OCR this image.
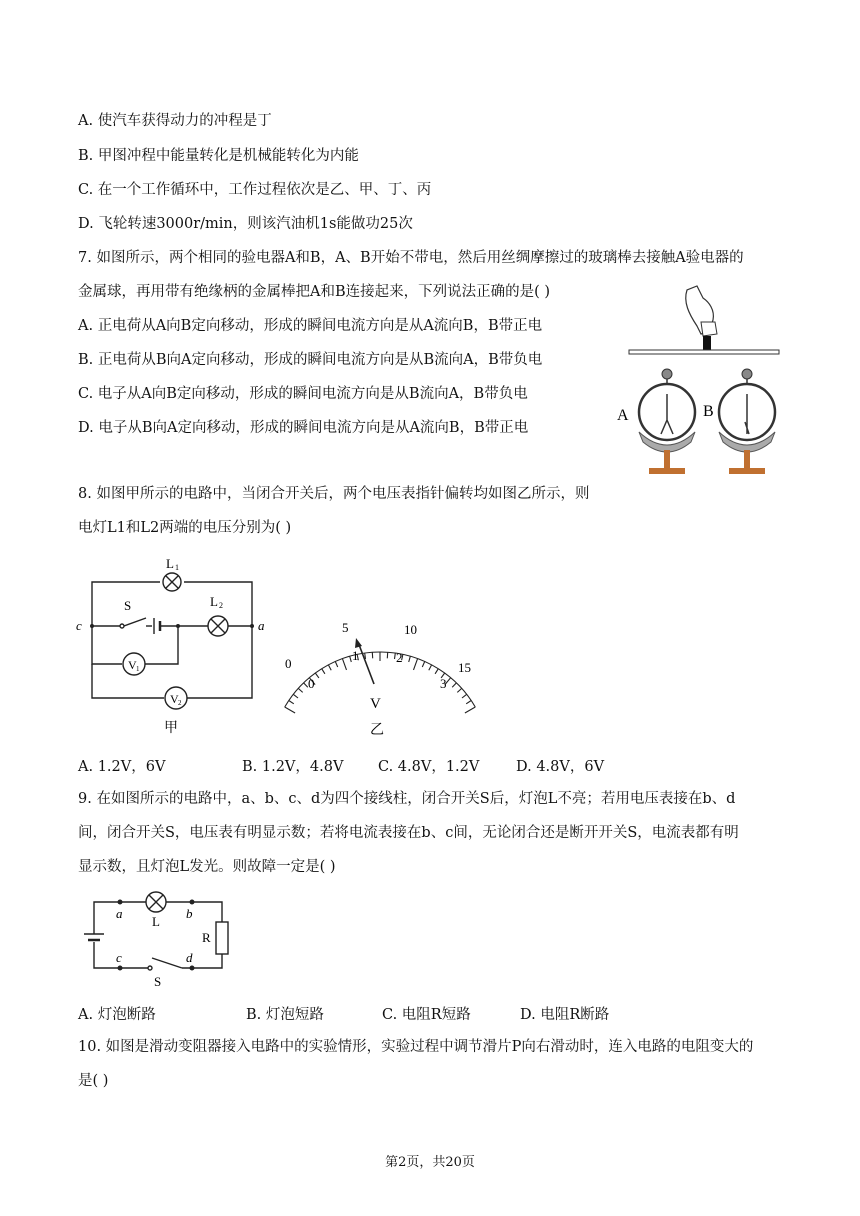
A. 使汽车获得动力的冲程是丁
B. 甲图冲程中能量转化是机械能转化为内能
C. 在一个工作循环中，工作过程依次是乙、甲、丁、丙
D. 飞轮转速3000r/min，则该汽油机1s能做功25次
7. 如图所示，两个相同的验电器A和B，A、B开始不带电，然后用丝绸摩擦过的玻璃棒去接触A验电器的
金属球，再用带有绝缘柄的金属棒把A和B连接起来，下列说法正确的是( )
A. 正电荷从A向B定向移动，形成的瞬间电流方向是从A流向B，B带正电
B. 正电荷从B向A定向移动，形成的瞬间电流方向是从B流向A，B带负电
C. 电子从A向B定向移动，形成的瞬间电流方向是从B流向A，B带负电
D. 电子从B向A定向移动，形成的瞬间电流方向是从A流向B，B带正电
A	B
8. 如图甲所示的电路中，当闭合开关后，两个电压表指针偏转均如图乙所示，则
电灯L1和L2两端的电压分别为( )
L 1
L 2
S
c	a
V 1
V 2
甲
0
5	10
15
0
1	2
3
V
乙
A. 1.2V，6V	B. 1.2V，4.8V C. 4.8V，1.2V	D. 4.8V，6V
9. 在如图所示的电路中，a、b、c、d为四个接线柱，闭合开关S后，灯泡L不亮；若用电压表接在b、d
间，闭合开关S，电压表有明显示数；若将电流表接在b、c间，无论闭合还是断开开关S，电流表都有明
显示数，且灯泡L发光。则故障一定是( )
a	b
c	d
L
R
S
A. 灯泡断路	B. 灯泡短路	C. 电阻R短路	D. 电阻R断路
10. 如图是滑动变阻器接入电路中的实验情形，实验过程中调节滑片P向右滑动时，连入电路的电阻变大的
是( )
第2页，共20页
